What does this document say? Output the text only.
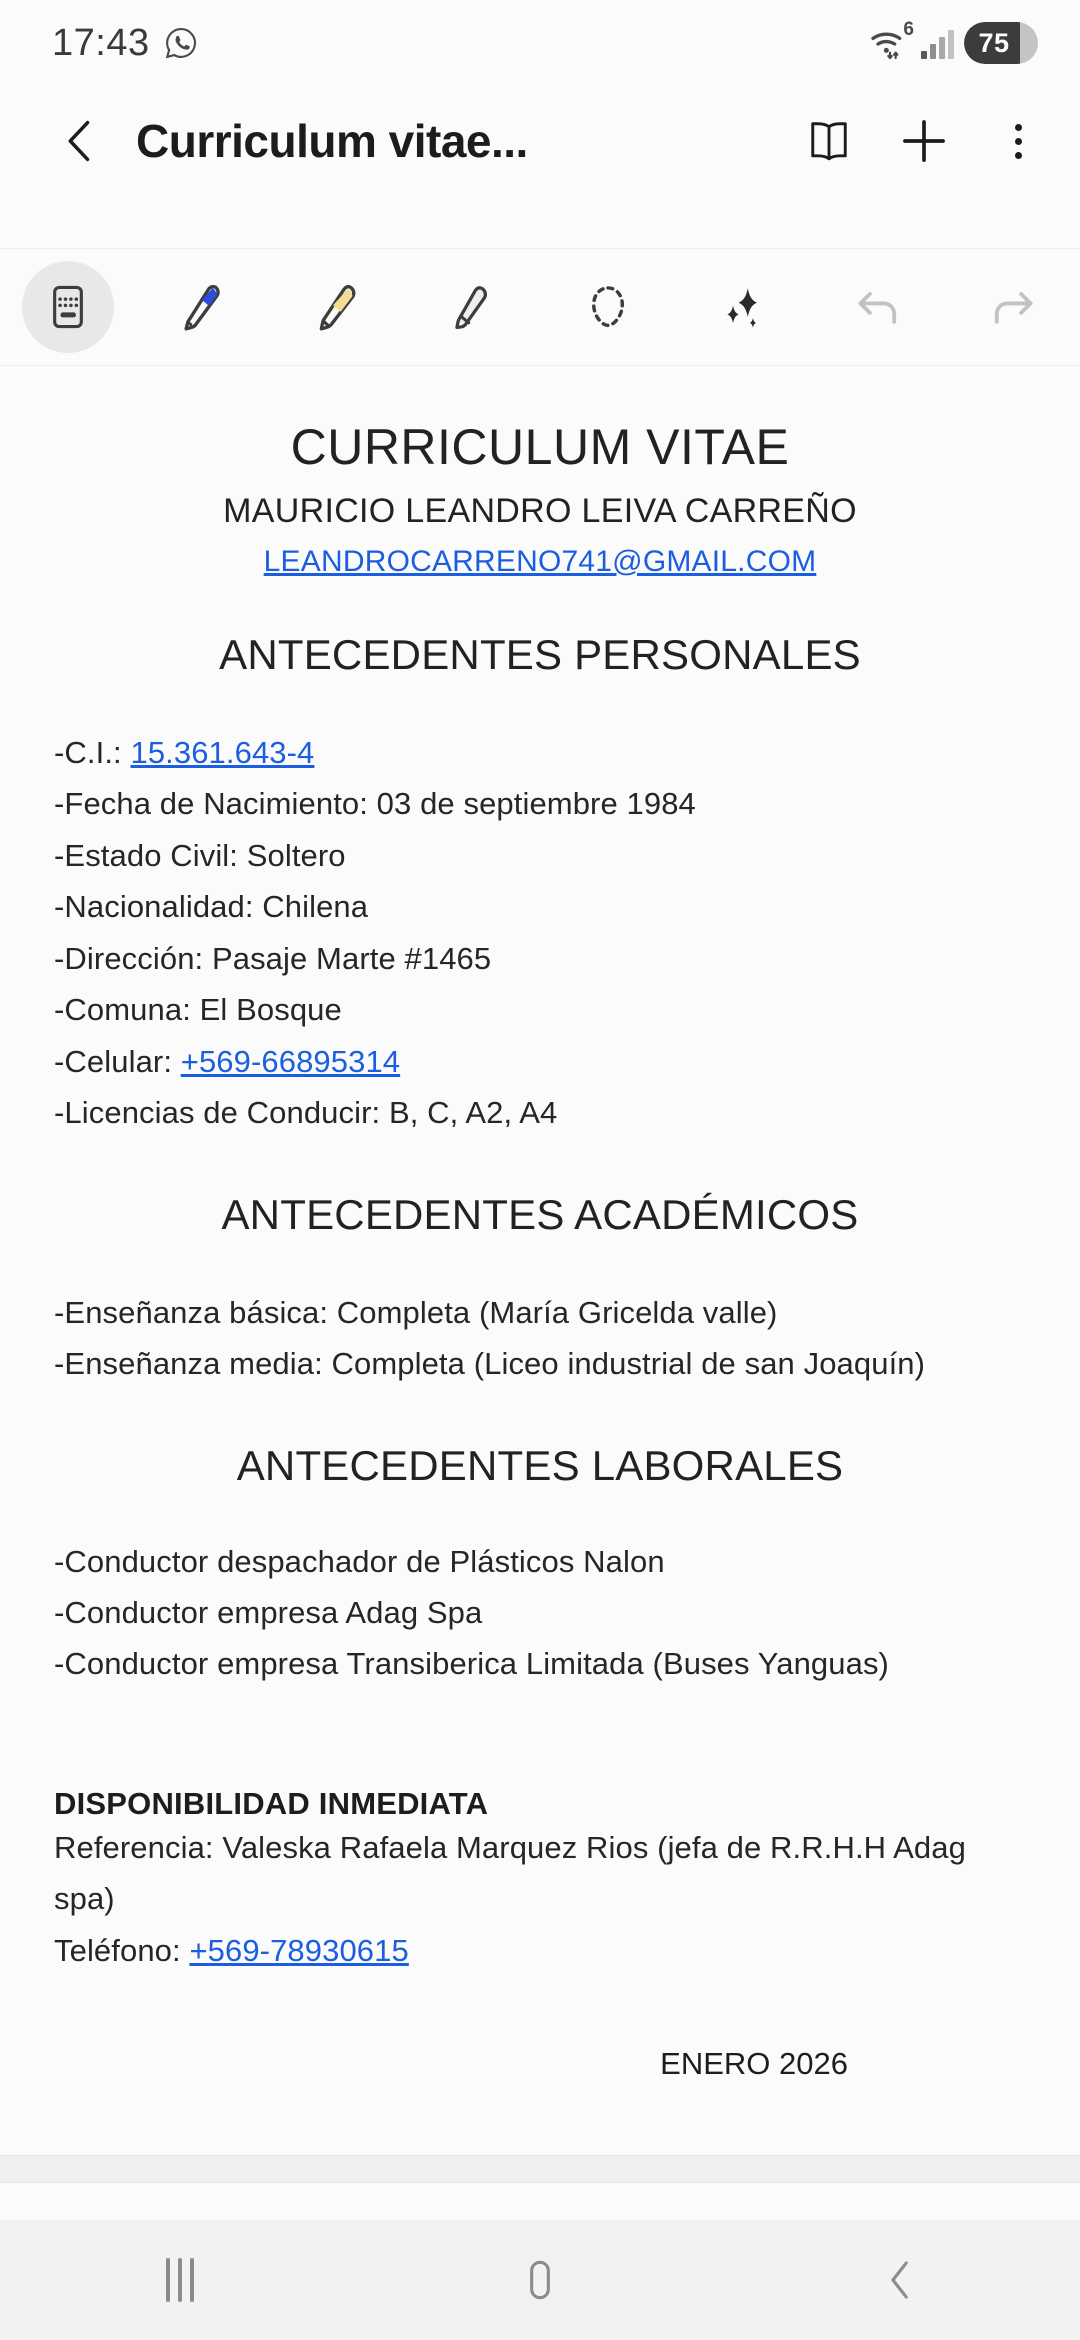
17:43	6	75
Curriculum vitae...
CURRICULUM VITAE
MAURICIO LEANDRO LEIVA CARREÑO
LEANDROCARRENO741@GMAIL.COM
ANTECEDENTES PERSONALES
-C.I.: 15.361.643-4
-Fecha de Nacimiento: 03 de septiembre 1984
-Estado Civil: Soltero
-Nacionalidad: Chilena
-Dirección: Pasaje Marte #1465
-Comuna: El Bosque
-Celular: +569-66895314
-Licencias de Conducir: B, C, A2, A4
ANTECEDENTES ACADÉMICOS
-Enseñanza básica: Completa (María Gricelda valle)
-Enseñanza media: Completa (Liceo industrial de san Joaquín)
ANTECEDENTES LABORALES
-Conductor despachador de Plásticos Nalon
-Conductor empresa Adag Spa
-Conductor empresa Transiberica Limitada (Buses Yanguas)
DISPONIBILIDAD INMEDIATA
Referencia: Valeska Rafaela Marquez Rios (jefa de R.R.H.H Adag spa)
Teléfono: +569-78930615
ENERO 2026
